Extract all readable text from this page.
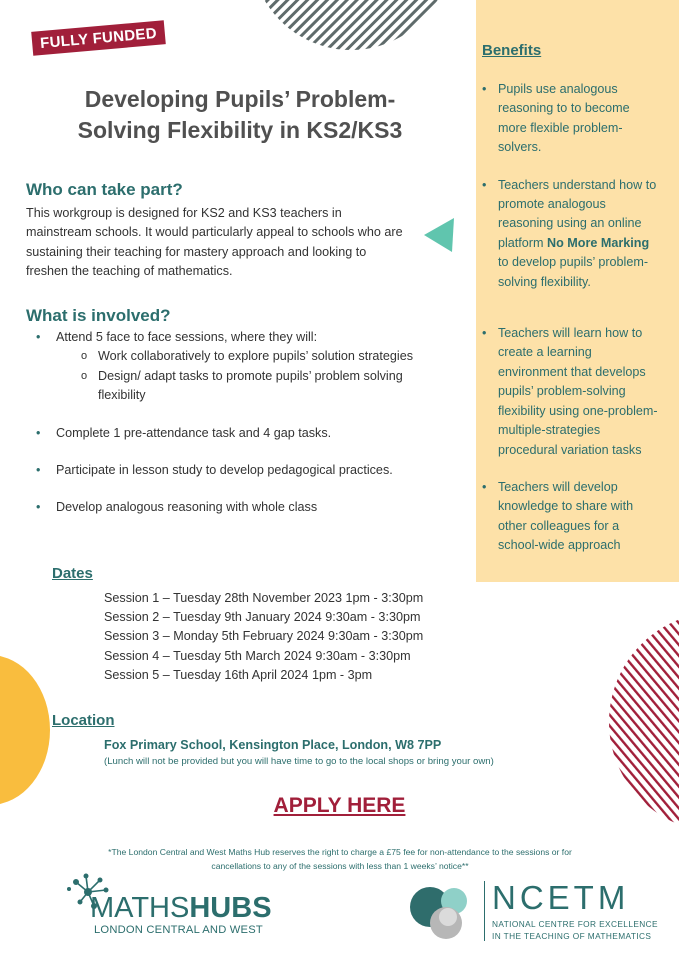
Benefits
• Pupils use analogous
reasoning to to become
more flexible problem-
solvers.
• Teachers understand how to
promote analogous
reasoning using an online
platform No More Marking
to develop pupils’ problem-
solving flexibility.
• Teachers will learn how to
create a learning
environment that develops
pupils’ problem-solving
flexibility using one-problem-
multiple-strategies
procedural variation tasks
• Teachers will develop
knowledge to share with
other colleagues for a
school-wide approach
FULLY FUNDED
Developing Pupils’ Problem-
Solving Flexibility in KS2/KS3
Who can take part?
This workgroup is designed for KS2 and KS3 teachers in
mainstream schools. It would particularly appeal to schools who are
sustaining their teaching for mastery approach and looking to
freshen the teaching of mathematics.
What is involved?
• Attend 5 face to face sessions, where they will:
o Work collaboratively to explore pupils’ solution strategies
o Design/ adapt tasks to promote pupils’ problem solving
flexibility
• Complete 1 pre-attendance task and 4 gap tasks.
• Participate in lesson study to develop pedagogical practices.
• Develop analogous reasoning with whole class
Dates
Session 1 – Tuesday 28th November 2023 1pm - 3:30pm
Session 2 – Tuesday 9th January 2024 9:30am - 3:30pm
Session 3 – Monday 5th February 2024 9:30am - 3:30pm
Session 4 – Tuesday 5th March 2024 9:30am - 3:30pm
Session 5 – Tuesday 16th April 2024 1pm - 3pm
Location
Fox Primary School, Kensington Place, London, W8 7PP
(Lunch will not be provided but you will have time to go to the local shops or bring your own)
APPLY HERE
*The London Central and West Maths Hub reserves the right to charge a £75 fee for non-attendance to the sessions or for
cancellations to any of the sessions with less than 1 weeks’ notice**
MATHSHUBS
LONDON CENTRAL AND WEST
NCETM
NATIONAL CENTRE FOR EXCELLENCE
IN THE TEACHING OF MATHEMATICS
